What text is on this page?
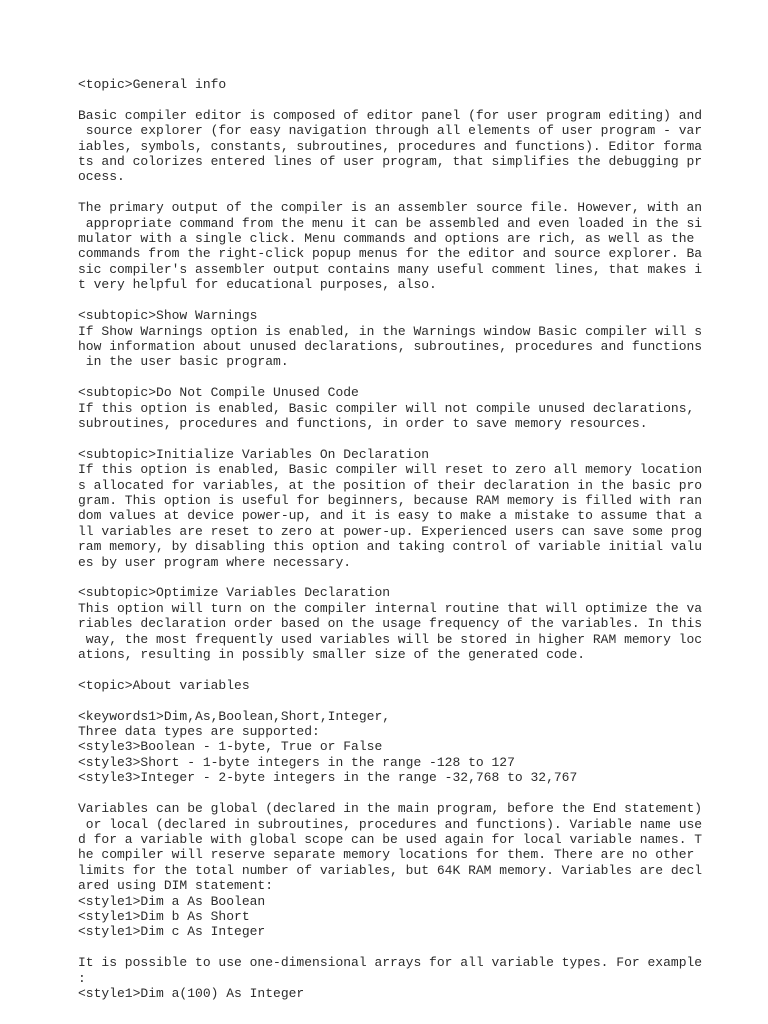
<topic>General info
Basic compiler editor is composed of editor panel (for user program editing) and
source explorer (for easy navigation through all elements of user program - var
iables, symbols, constants, subroutines, procedures and functions). Editor forma
ts and colorizes entered lines of user program, that simplifies the debugging pr
ocess.
The primary output of the compiler is an assembler source file. However, with an
appropriate command from the menu it can be assembled and even loaded in the si
mulator with a single click. Menu commands and options are rich, as well as the
commands from the right-click popup menus for the editor and source explorer. Ba
sic compiler's assembler output contains many useful comment lines, that makes i
t very helpful for educational purposes, also.
<subtopic>Show Warnings
If Show Warnings option is enabled, in the Warnings window Basic compiler will s
how information about unused declarations, subroutines, procedures and functions
in the user basic program.
<subtopic>Do Not Compile Unused Code
If this option is enabled, Basic compiler will not compile unused declarations,
subroutines, procedures and functions, in order to save memory resources.
<subtopic>Initialize Variables On Declaration
If this option is enabled, Basic compiler will reset to zero all memory location
s allocated for variables, at the position of their declaration in the basic pro
gram. This option is useful for beginners, because RAM memory is filled with ran
dom values at device power-up, and it is easy to make a mistake to assume that a
ll variables are reset to zero at power-up. Experienced users can save some prog
ram memory, by disabling this option and taking control of variable initial valu
es by user program where necessary.
<subtopic>Optimize Variables Declaration
This option will turn on the compiler internal routine that will optimize the va
riables declaration order based on the usage frequency of the variables. In this
way, the most frequently used variables will be stored in higher RAM memory loc
ations, resulting in possibly smaller size of the generated code.
<topic>About variables
<keywords1>Dim,As,Boolean,Short,Integer,
Three data types are supported:
<style3>Boolean - 1-byte, True or False
<style3>Short - 1-byte integers in the range -128 to 127
<style3>Integer - 2-byte integers in the range -32,768 to 32,767
Variables can be global (declared in the main program, before the End statement)
or local (declared in subroutines, procedures and functions). Variable name use
d for a variable with global scope can be used again for local variable names. T
he compiler will reserve separate memory locations for them. There are no other
limits for the total number of variables, but 64K RAM memory. Variables are decl
ared using DIM statement:
<style1>Dim a As Boolean
<style1>Dim b As Short
<style1>Dim c As Integer
It is possible to use one-dimensional arrays for all variable types. For example
:
<style1>Dim a(100) As Integer
